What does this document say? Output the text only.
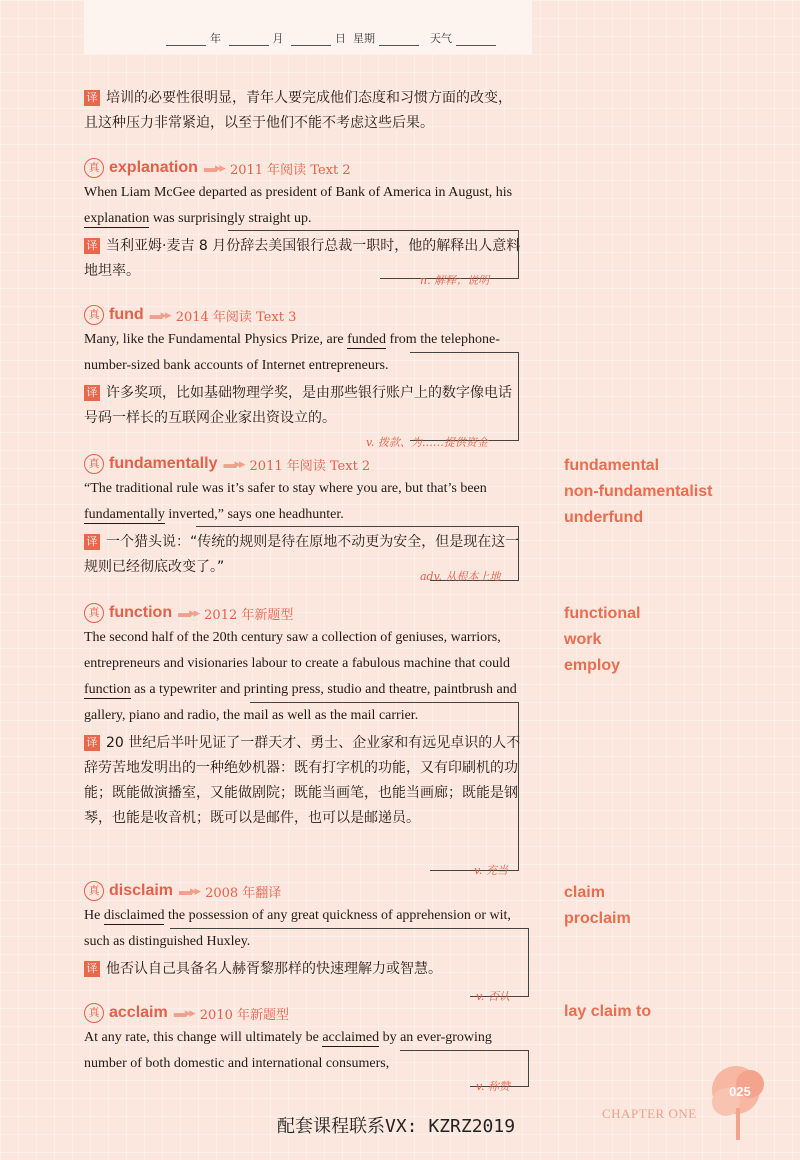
年	月	日 星期	天气
译 培训的必要性很明显，青年人要完成他们态度和习惯方面的改变，且这种压力非常紧迫，以至于他们不能不考虑这些后果。
真 explanation ▬▸▸ 2011 年阅读 Text 2
When Liam McGee departed as president of Bank of America in August, his explanation was surprisingly straight up.
译 当利亚姆·麦吉 8 月份辞去美国银行总裁一职时，他的解释出人意料地坦率。
n. 解释；说明
真 fund ▬▸▸ 2014 年阅读 Text 3
Many, like the Fundamental Physics Prize, are funded from the telephone-number-sized bank accounts of Internet entrepreneurs.
译 许多奖项，比如基础物理学奖，是由那些银行账户上的数字像电话号码一样长的互联网企业家出资设立的。
v. 拨款、为……提供资金
真 fundamentally ▬▸▸ 2011 年阅读 Text 2
“The traditional rule was it’s safer to stay where you are, but that’s been fundamentally inverted,” says one headhunter.
译 一个猎头说：“传统的规则是待在原地不动更为安全，但是现在这一规则已经彻底改变了。”
adv. 从根本上地
真 function ▬▸▸ 2012 年新题型
The second half of the 20th century saw a collection of geniuses, warriors, entrepreneurs and visionaries labour to create a fabulous machine that could function as a typewriter and printing press, studio and theatre, paintbrush and gallery, piano and radio, the mail as well as the mail carrier.
译 20 世纪后半叶见证了一群天才、勇士、企业家和有远见卓识的人不辞劳苦地发明出的一种绝妙机器：既有打字机的功能，又有印刷机的功能；既能做演播室，又能做剧院；既能当画笔，也能当画廊；既能是钢琴，也能是收音机；既可以是邮件，也可以是邮递员。
v. 充当
真 disclaim ▬▸▸ 2008 年翻译
He disclaimed the possession of any great quickness of apprehension or wit, such as distinguished Huxley.
译 他否认自己具备名人赫胥黎那样的快速理解力或智慧。
v. 否认
真 acclaim ▬▸▸ 2010 年新题型
At any rate, this change will ultimately be acclaimed by an ever-growing number of both domestic and international consumers,
v. 称赞
fundamental
non-fundamentalist
underfund
functional
work
employ
claim
proclaim
lay claim to
025
CHAPTER ONE
配套课程联系VX: KZRZ2019
